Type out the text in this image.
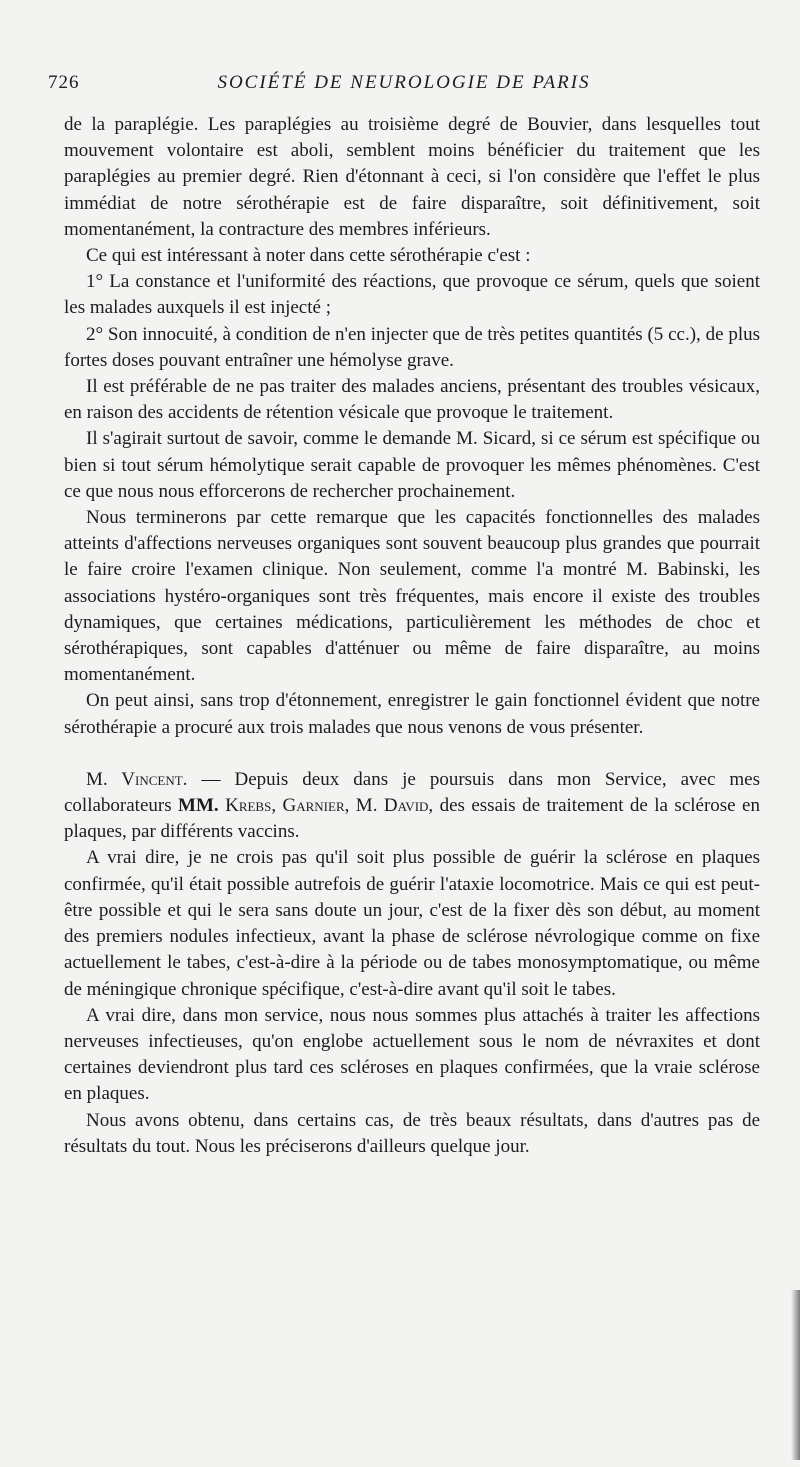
726	SOCIÉTÉ DE NEUROLOGIE DE PARIS

de la paraplégie. Les paraplégies au troisième degré de Bouvier, dans lesquelles tout mouvement volontaire est aboli, semblent moins bénéficier du traitement que les paraplégies au premier degré. Rien d'étonnant à ceci, si l'on considère que l'effet le plus immédiat de notre sérothérapie est de faire disparaître, soit définitivement, soit momentanément, la contracture des membres inférieurs.

Ce qui est intéressant à noter dans cette sérothérapie c'est :

1° La constance et l'uniformité des réactions, que provoque ce sérum, quels que soient les malades auxquels il est injecté ;

2° Son innocuité, à condition de n'en injecter que de très petites quantités (5 cc.), de plus fortes doses pouvant entraîner une hémolyse grave.

Il est préférable de ne pas traiter des malades anciens, présentant des troubles vésicaux, en raison des accidents de rétention vésicale que provoque le traitement.

Il s'agirait surtout de savoir, comme le demande M. Sicard, si ce sérum est spécifique ou bien si tout sérum hémolytique serait capable de provoquer les mêmes phénomènes. C'est ce que nous nous efforcerons de rechercher prochainement.

Nous terminerons par cette remarque que les capacités fonctionnelles des malades atteints d'affections nerveuses organiques sont souvent beaucoup plus grandes que pourrait le faire croire l'examen clinique. Non seulement, comme l'a montré M. Babinski, les associations hystéro-organiques sont très fréquentes, mais encore il existe des troubles dynamiques, que certaines médications, particulièrement les méthodes de choc et sérothérapiques, sont capables d'atténuer ou même de faire disparaître, au moins momentanément.

On peut ainsi, sans trop d'étonnement, enregistrer le gain fonctionnel évident que notre sérothérapie a procuré aux trois malades que nous venons de vous présenter.

M. Vincent. — Depuis deux dans je poursuis dans mon Service, avec mes collaborateurs MM. Krebs, Garnier, M. David, des essais de traitement de la sclérose en plaques, par différents vaccins.

A vrai dire, je ne crois pas qu'il soit plus possible de guérir la sclérose en plaques confirmée, qu'il était possible autrefois de guérir l'ataxie locomotrice. Mais ce qui est peut-être possible et qui le sera sans doute un jour, c'est de la fixer dès son début, au moment des premiers nodules infectieux, avant la phase de sclérose névrologique comme on fixe actuellement le tabes, c'est-à-dire à la période ou de tabes monosymptomatique, ou même de méningique chronique spécifique, c'est-à-dire avant qu'il soit le tabes.

A vrai dire, dans mon service, nous nous sommes plus attachés à traiter les affections nerveuses infectieuses, qu'on englobe actuellement sous le nom de névraxites et dont certaines deviendront plus tard ces scléroses en plaques confirmées, que la vraie sclérose en plaques.

Nous avons obtenu, dans certains cas, de très beaux résultats, dans d'autres pas de résultats du tout. Nous les préciserons d'ailleurs quelque jour.
